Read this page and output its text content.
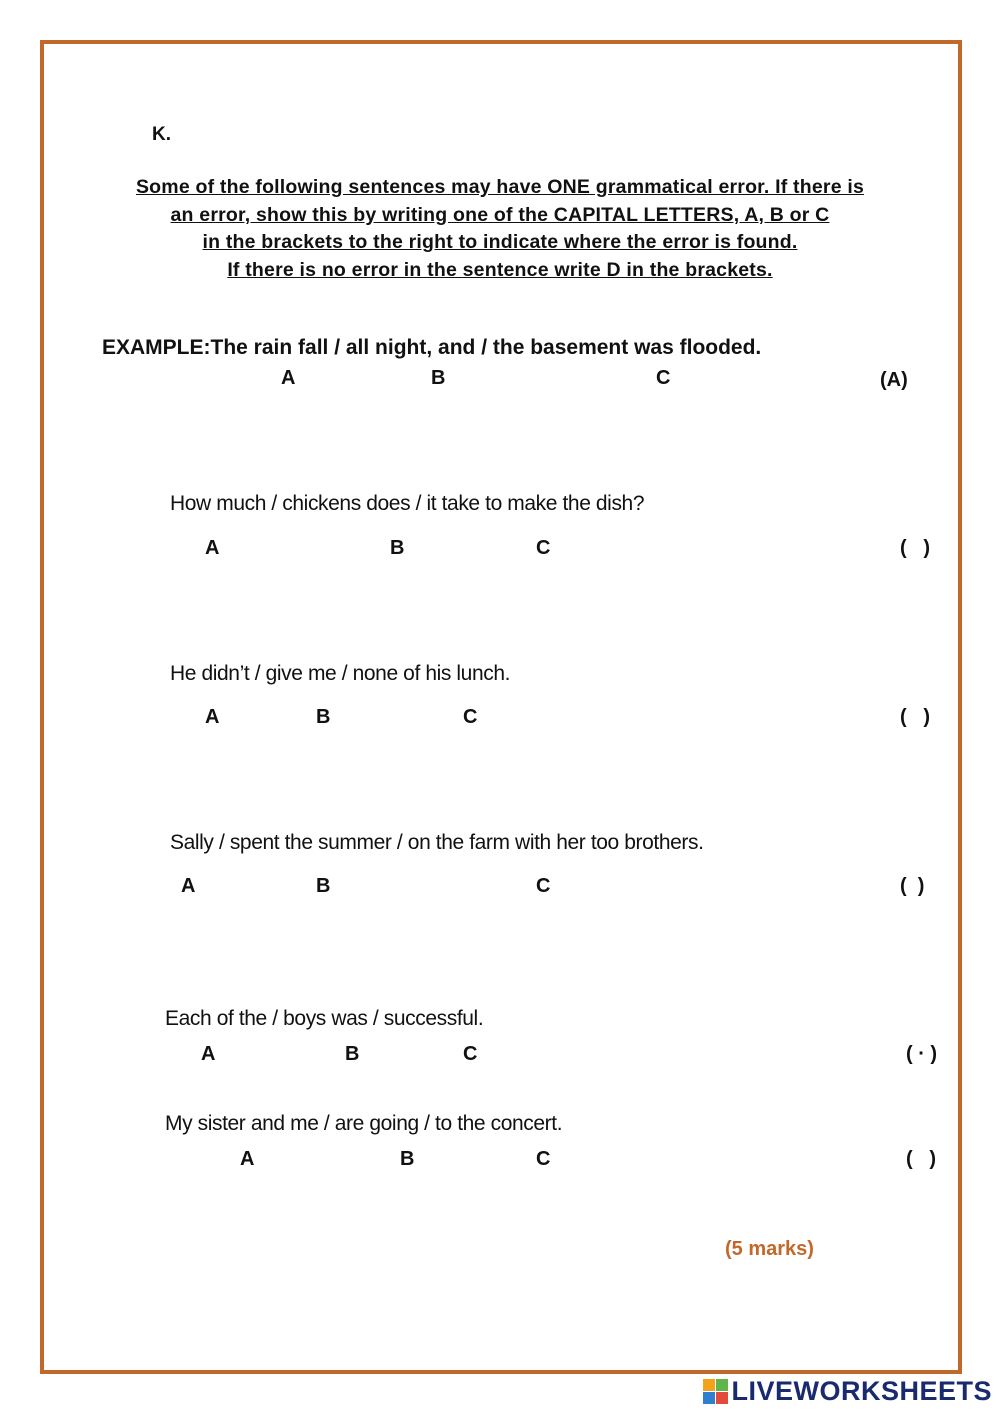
K.
Some of the following sentences may have ONE grammatical error. If there is
an error, show this by writing one of the CAPITAL LETTERS, A, B or C
in the brackets to the right to indicate where the error is found.
If there is no error in the sentence write D in the brackets.
EXAMPLE:The rain fall / all night, and / the basement was flooded.
A	B	C	(A)
How much / chickens does / it take to make the dish?
A	B	C	(   )
He didn’t / give me / none of his lunch.
A	B	C	(   )
Sally / spent the summer / on the farm with her too brothers.
A	B	C	(  )
Each of the / boys was / successful.
A	B	C	( · )
My sister and me / are going / to the concert.
A	B	C	(   )
(5 marks)
LIVEWORKSHEETS
